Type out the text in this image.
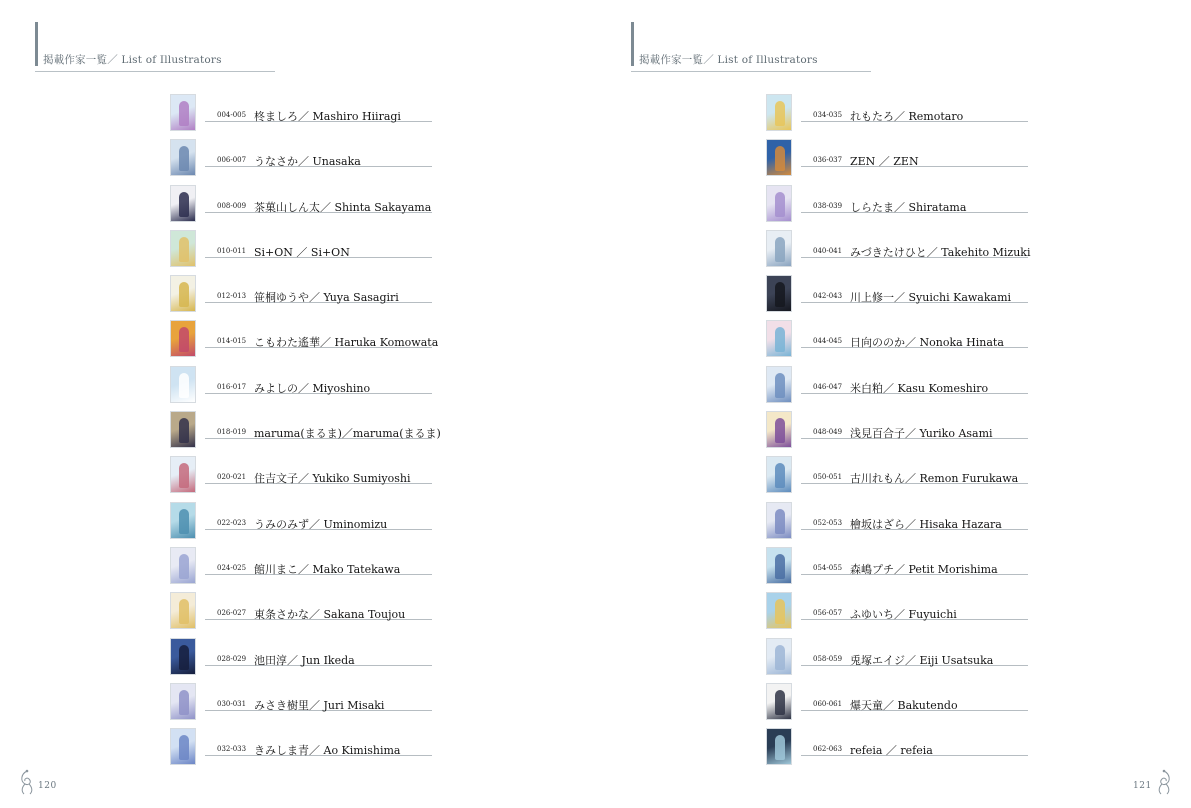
掲載作家一覧／ List of Illustrators
004-005 柊ましろ／ Mashiro Hiiragi
006-007 うなさか／ Unasaka
008-009 茶菓山しん太／ Shinta Sakayama
010-011 Si+ON ／ Si+ON
012-013 笹桐ゆうや／ Yuya Sasagiri
014-015 こもわた遙華／ Haruka Komowata
016-017 みよしの／ Miyoshino
018-019 maruma(まるま)／maruma(まるま)
020-021 住吉文子／ Yukiko Sumiyoshi
022-023 うみのみず／ Uminomizu
024-025 館川まこ／ Mako Tatekawa
026-027 東条さかな／ Sakana Toujou
028-029 池田淳／ Jun Ikeda
030-031 みさき樹里／ Juri Misaki
032-033 きみしま青／ Ao Kimishima
120
掲載作家一覧／ List of Illustrators
034-035 れもたろ／ Remotaro
036-037 ZEN ／ ZEN
038-039 しらたま／ Shiratama
040-041 みづきたけひと／ Takehito Mizuki
042-043 川上修一／ Syuichi Kawakami
044-045 日向ののか／ Nonoka Hinata
046-047 米白粕／ Kasu Komeshiro
048-049 浅見百合子／ Yuriko Asami
050-051 古川れもん／ Remon Furukawa
052-053 檜坂はざら／ Hisaka Hazara
054-055 森嶋プチ／ Petit Morishima
056-057 ふゆいち／ Fuyuichi
058-059 兎塚エイジ／ Eiji Usatsuka
060-061 爆天童／ Bakutendo
062-063 refeia ／ refeia
121
